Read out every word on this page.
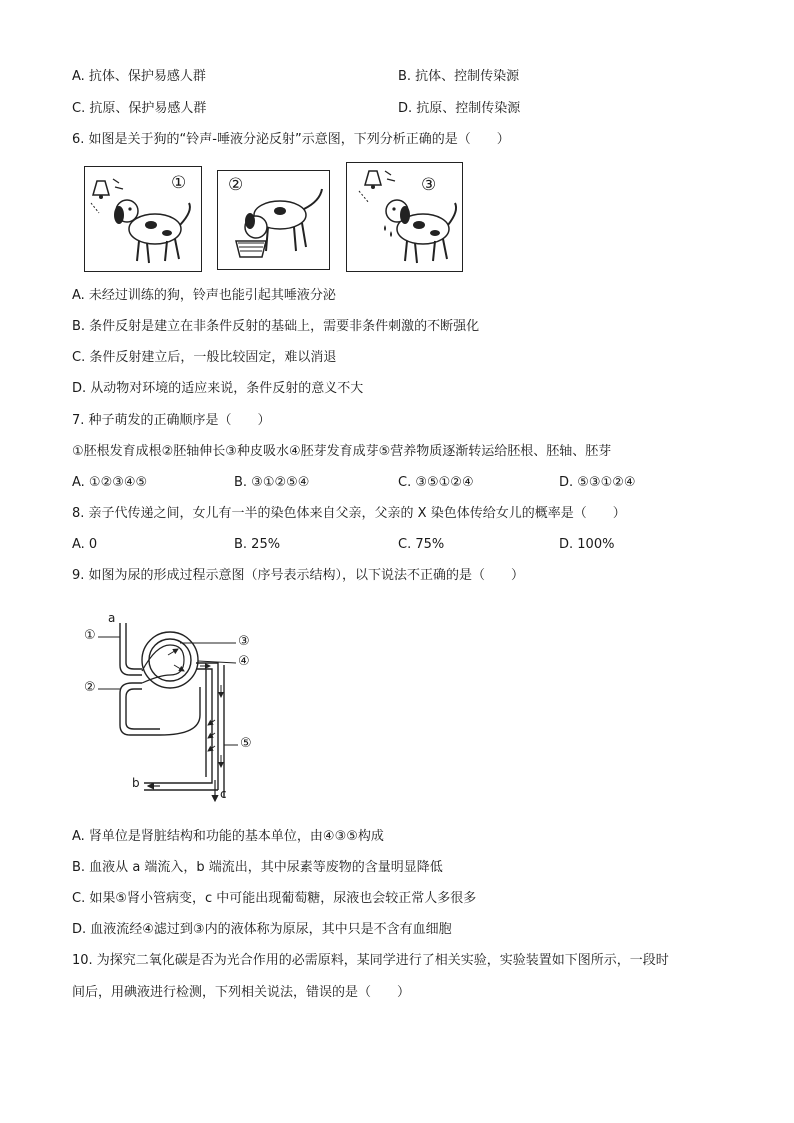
A. 抗体、保护易感人群	B. 抗体、控制传染源
C. 抗原、保护易感人群	D. 抗原、控制传染源
6. 如图是关于狗的“铃声-唾液分泌反射”示意图，下列分析正确的是（　　）
① ②	③
A. 未经过训练的狗，铃声也能引起其唾液分泌
B. 条件反射是建立在非条件反射的基础上，需要非条件刺激的不断强化
C. 条件反射建立后，一般比较固定，难以消退
D. 从动物对环境的适应来说，条件反射的意义不大
7. 种子萌发的正确顺序是（　　）
①胚根发育成根②胚轴伸长③种皮吸水④胚芽发育成芽⑤营养物质逐渐转运给胚根、胚轴、胚芽
A. ①②③④⑤	B. ③①②⑤④	C. ③⑤①②④	D. ⑤③①②④
8. 亲子代传递之间，女儿有一半的染色体来自父亲，父亲的 X 染色体传给女儿的概率是（　　）
A. 0	B. 25%	C. 75%	D. 100%
9. 如图为尿的形成过程示意图（序号表示结构），以下说法不正确的是（　　）
a
①
②
③
④
⑤
b
c
A. 肾单位是肾脏结构和功能的基本单位，由④③⑤构成
B. 血液从 a 端流入，b 端流出，其中尿素等废物的含量明显降低
C. 如果⑤肾小管病变，c 中可能出现葡萄糖，尿液也会较正常人多很多
D. 血液流经④滤过到③内的液体称为原尿，其中只是不含有血细胞
10. 为探究二氧化碳是否为光合作用的必需原料，某同学进行了相关实验，实验装置如下图所示，一段时
间后，用碘液进行检测，下列相关说法，错误的是（　　）
